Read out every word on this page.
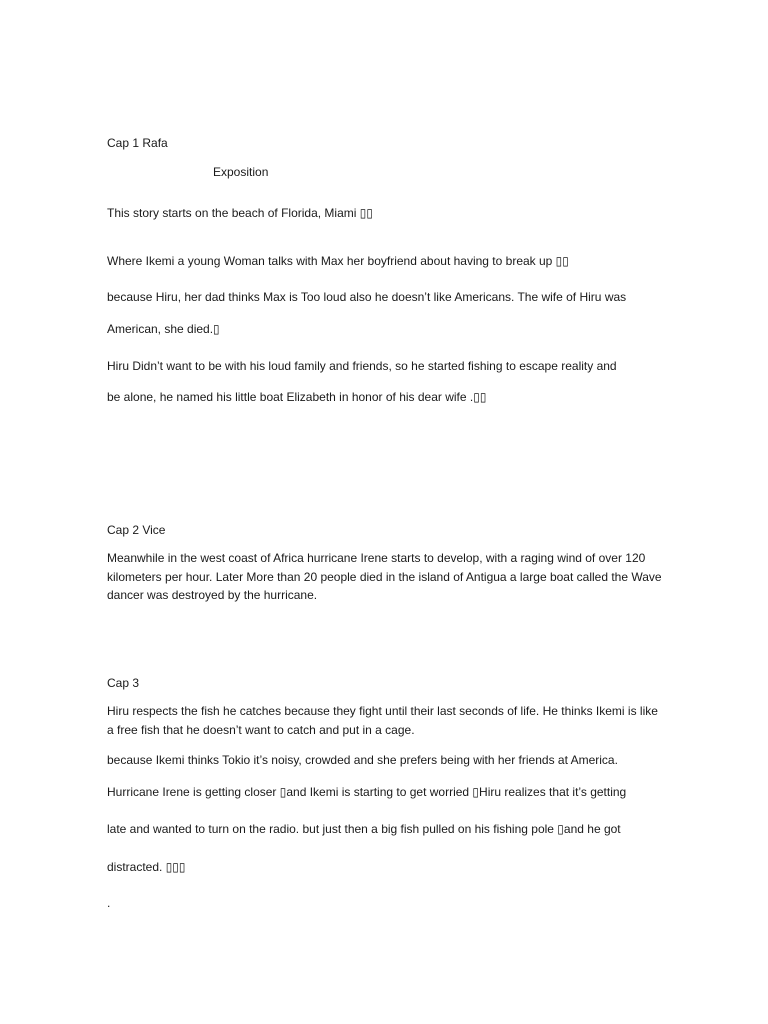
Cap 1 Rafa
Exposition
This story starts on the beach of Florida, Miami ▯▯
Where Ikemi a young Woman talks with Max her boyfriend about having to break up ▯▯
because Hiru, her dad thinks Max is Too loud also he doesn’t like Americans. The wife of Hiru was
American, she died.▯
Hiru Didn’t want to be with his loud family and friends, so he started fishing to escape reality and
be alone, he named his little boat Elizabeth in honor of his dear wife .▯▯
Cap 2 Vice
Meanwhile in the west coast of Africa hurricane Irene starts to develop, with a raging wind of over 120 kilometers per hour. Later More than 20 people died in the island of Antigua a large boat called the Wave dancer was destroyed by the hurricane.
Cap 3
Hiru respects the fish he catches because they fight until their last seconds of life. He thinks Ikemi is like a free fish that he doesn’t want to catch and put in a cage.
because Ikemi thinks Tokio it’s noisy, crowded and she prefers being with her friends at America.
Hurricane Irene is getting closer ▯and Ikemi is starting to get worried ▯Hiru realizes that it’s getting
late and wanted to turn on the radio. but just then a big fish pulled on his fishing pole ▯and he got
distracted. ▯▯▯
.
